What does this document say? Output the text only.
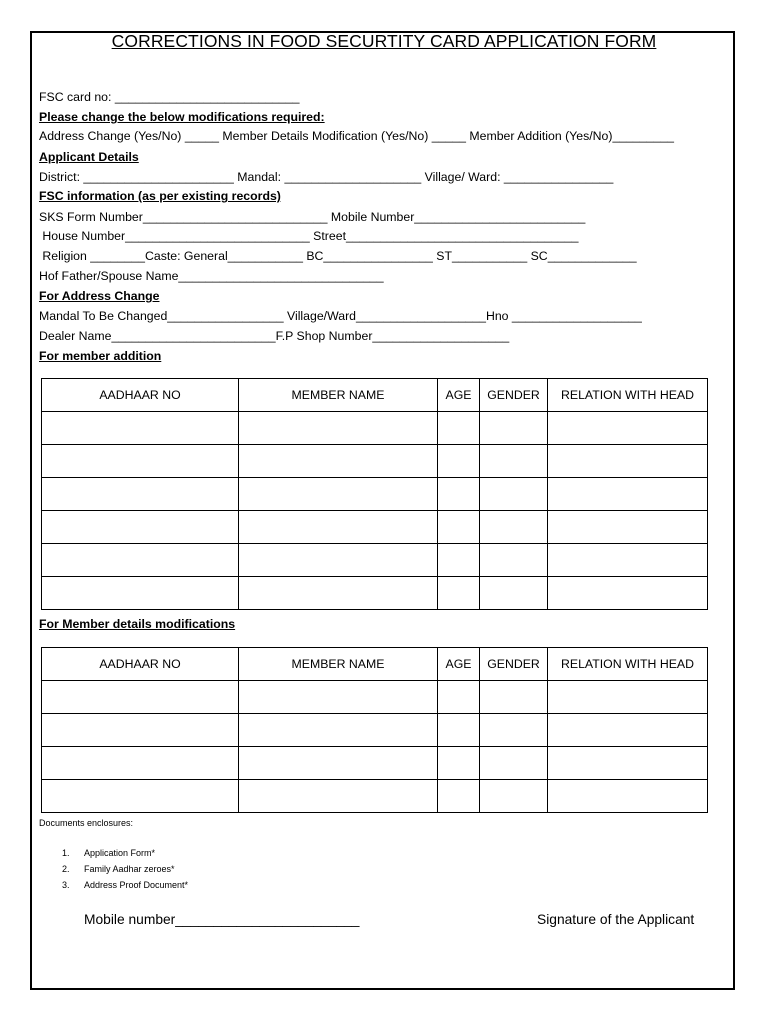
CORRECTIONS IN FOOD SECURTITY CARD APPLICATION FORM
FSC card no: ___________________________
Please change the below modifications required:
Address Change (Yes/No) _____ Member Details Modification (Yes/No) _____ Member Addition (Yes/No)_________
Applicant Details
District: ______________________ Mandal: ____________________ Village/ Ward: ________________
FSC information (as per existing records)
SKS Form Number___________________________ Mobile Number_________________________
House Number___________________________ Street__________________________________
Religion ________Caste: General___________ BC________________ ST___________ SC_____________
Hof Father/Spouse Name______________________________
For Address Change
Mandal To Be Changed_________________ Village/Ward___________________Hno ___________________
Dealer Name________________________F.P Shop Number____________________
For member addition
AADHAAR NO	MEMBER NAME	AGE	GENDER	RELATION WITH HEAD

For Member details modifications
AADHAAR NO	MEMBER NAME	AGE	GENDER	RELATION WITH HEAD

Documents enclosures:
1. Application Form*
2. Family Aadhar zeroes*
3. Address Proof Document*
Mobile number________________________	Signature of the Applicant
